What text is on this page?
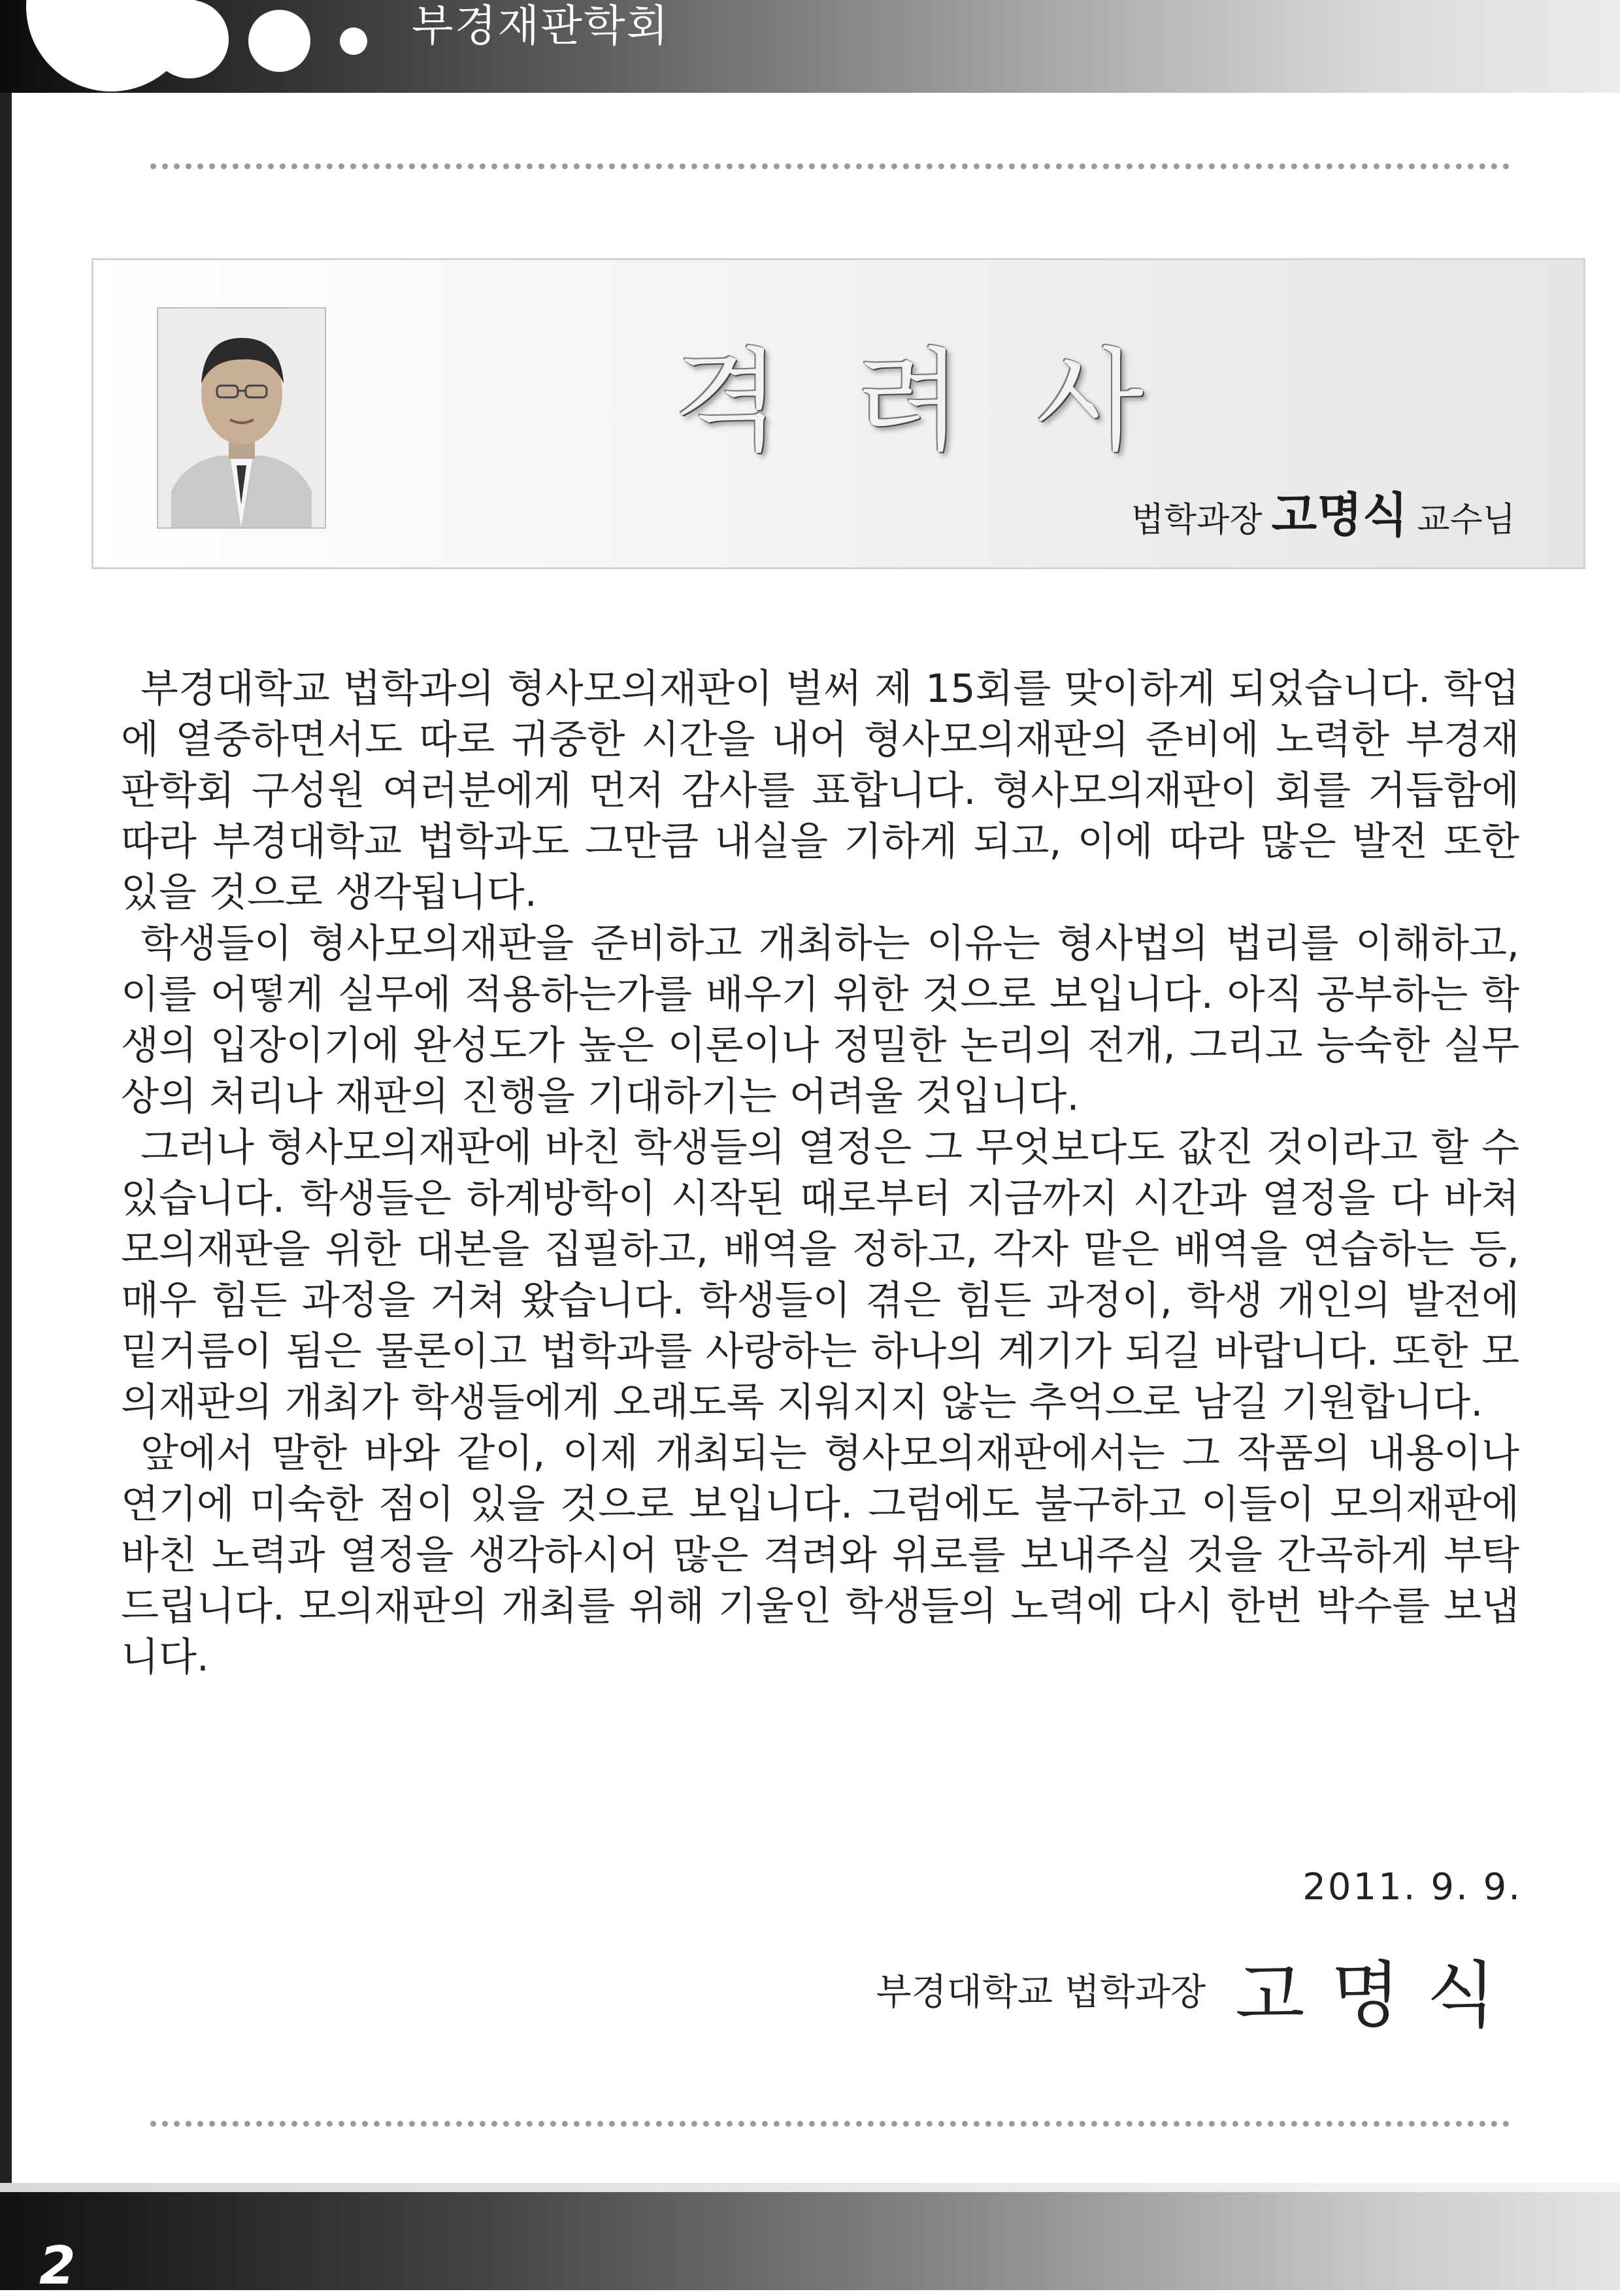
부경재판학회
격 려 사
법학과장 고명식 교수님

부경대학교 법학과의 형사모의재판이 벌써 제 15회를 맞이하게 되었습니다. 학업에 열중하면서도 따로 귀중한 시간을 내어 형사모의재판의 준비에 노력한 부경재판학회 구성원 여러분에게 먼저 감사를 표합니다. 형사모의재판이 회를 거듭함에 따라 부경대학교 법학과도 그만큼 내실을 기하게 되고, 이에 따라 많은 발전 또한 있을 것으로 생각됩니다.

학생들이 형사모의재판을 준비하고 개최하는 이유는 형사법의 법리를 이해하고, 이를 어떻게 실무에 적용하는가를 배우기 위한 것으로 보입니다. 아직 공부하는 학생의 입장이기에 완성도가 높은 이론이나 정밀한 논리의 전개, 그리고 능숙한 실무상의 처리나 재판의 진행을 기대하기는 어려울 것입니다.

그러나 형사모의재판에 바친 학생들의 열정은 그 무엇보다도 값진 것이라고 할 수 있습니다. 학생들은 하계방학이 시작된 때로부터 지금까지 시간과 열정을 다 바쳐 모의재판을 위한 대본을 집필하고, 배역을 정하고, 각자 맡은 배역을 연습하는 등, 매우 힘든 과정을 거쳐 왔습니다. 학생들이 겪은 힘든 과정이, 학생 개인의 발전에 밑거름이 됨은 물론이고 법학과를 사랑하는 하나의 계기가 되길 바랍니다. 또한 모의재판의 개최가 학생들에게 오래도록 지워지지 않는 추억으로 남길 기원합니다.

앞에서 말한 바와 같이, 이제 개최되는 형사모의재판에서는 그 작품의 내용이나 연기에 미숙한 점이 있을 것으로 보입니다. 그럼에도 불구하고 이들이 모의재판에 바친 노력과 열정을 생각하시어 많은 격려와 위로를 보내주실 것을 간곡하게 부탁드립니다. 모의재판의 개최를 위해 기울인 학생들의 노력에 다시 한번 박수를 보냅니다.

2011. 9. 9.
부경대학교 법학과장 고명식
2
